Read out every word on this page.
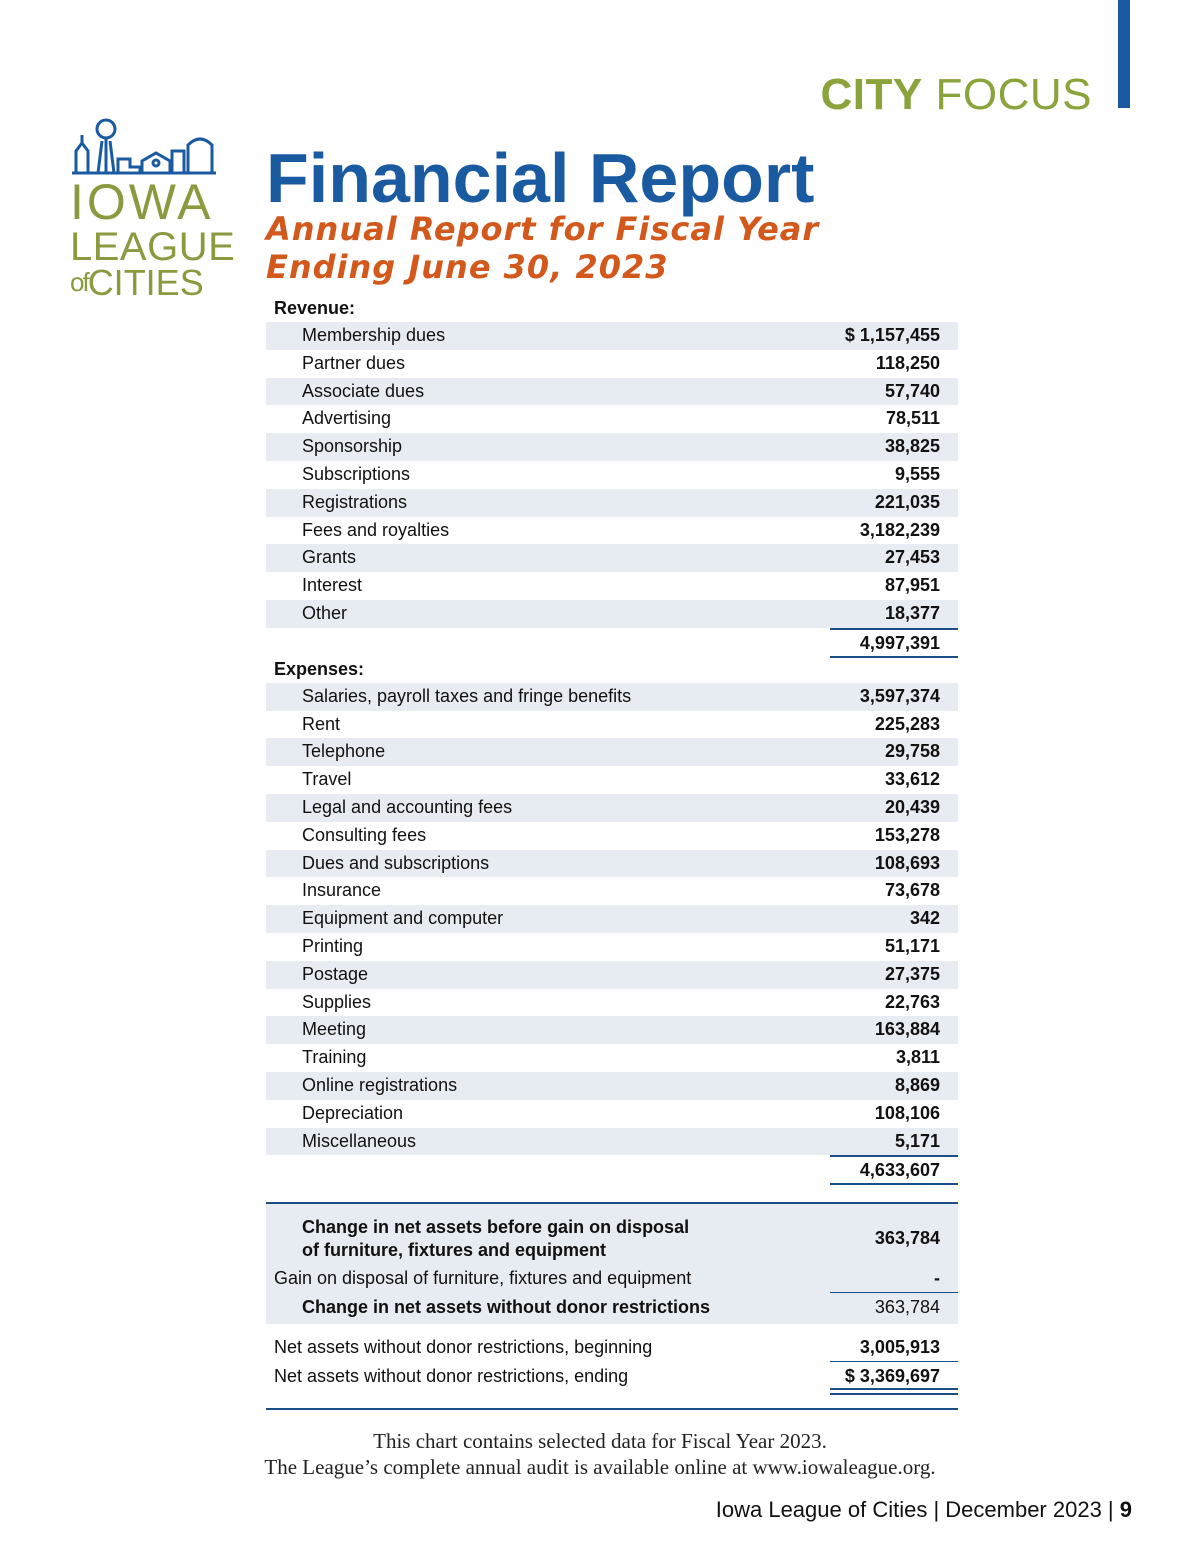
CITY FOCUS
IOWA
LEAGUE
ofCITIES
Financial Report
Annual Report for Fiscal Year
Ending June 30, 2023
Revenue:
Membership dues	$ 1,157,455
Partner dues	118,250
Associate dues	57,740
Advertising	78,511
Sponsorship	38,825
Subscriptions	9,555
Registrations	221,035
Fees and royalties	3,182,239
Grants	27,453
Interest	87,951
Other	18,377
4,997,391
Expenses:
Salaries, payroll taxes and fringe benefits	3,597,374
Rent	225,283
Telephone	29,758
Travel	33,612
Legal and accounting fees	20,439
Consulting fees	153,278
Dues and subscriptions	108,693
Insurance	73,678
Equipment and computer	342
Printing	51,171
Postage	27,375
Supplies	22,763
Meeting	163,884
Training	3,811
Online registrations	8,869
Depreciation	108,106
Miscellaneous	5,171
4,633,607
Change in net assets before gain on disposal
of furniture, fixtures and equipment
363,784
Gain on disposal of furniture, fixtures and equipment	-
Change in net assets without donor restrictions	363,784
Net assets without donor restrictions, beginning	3,005,913
Net assets without donor restrictions, ending	$ 3,369,697
This chart contains selected data for Fiscal Year 2023.
The League’s complete annual audit is available online at www.iowaleague.org.
Iowa League of Cities | December 2023 | 9
